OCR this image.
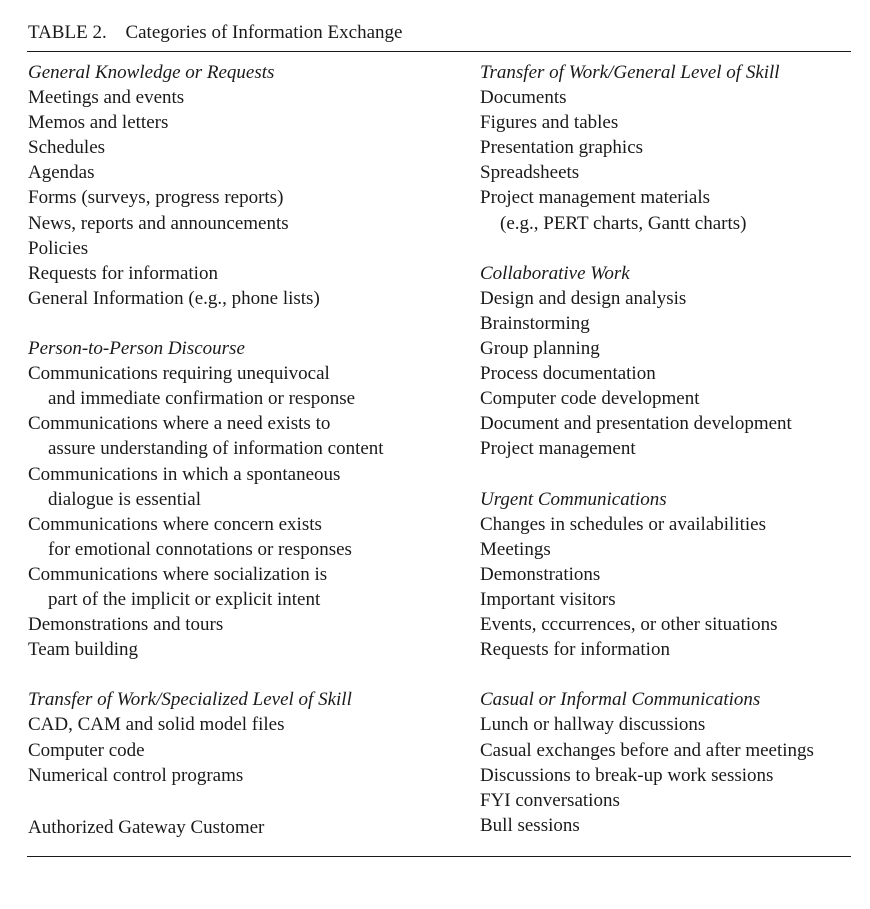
TABLE 2. Categories of Information Exchange
General Knowledge or Requests
Meetings and events
Memos and letters
Schedules
Agendas
Forms (surveys, progress reports)
News, reports and announcements
Policies
Requests for information
General Information (e.g., phone lists)
Person-to-Person Discourse
Communications requiring unequivocal
and immediate confirmation or response
Communications where a need exists to
assure understanding of information content
Communications in which a spontaneous
dialogue is essential
Communications where concern exists
for emotional connotations or responses
Communications where socialization is
part of the implicit or explicit intent
Demonstrations and tours
Team building
Transfer of Work/Specialized Level of Skill
CAD, CAM and solid model files
Computer code
Numerical control programs
Authorized Gateway Customer
Transfer of Work/General Level of Skill
Documents
Figures and tables
Presentation graphics
Spreadsheets
Project management materials
(e.g., PERT charts, Gantt charts)
Collaborative Work
Design and design analysis
Brainstorming
Group planning
Process documentation
Computer code development
Document and presentation development
Project management
Urgent Communications
Changes in schedules or availabilities
Meetings
Demonstrations
Important visitors
Events, cccurrences, or other situations
Requests for information
Casual or Informal Communications
Lunch or hallway discussions
Casual exchanges before and after meetings
Discussions to break-up work sessions
FYI conversations
Bull sessions
